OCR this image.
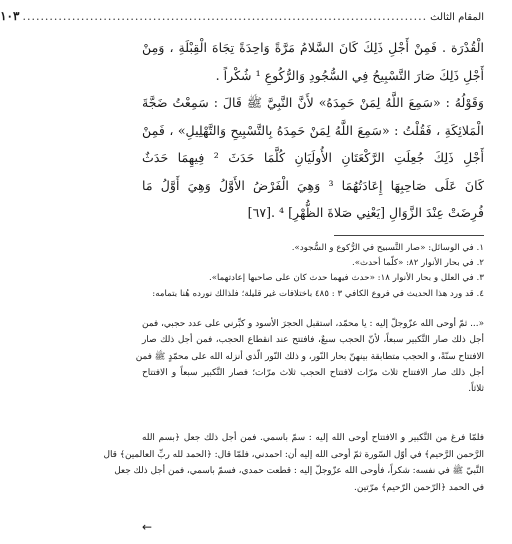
المقام الثالث
..........................................................................................
١٠٣

الْقُدْرَة . فَمِنْ أَجْلِ ذَلِكَ كَانَ السَّلامُ مَرَّةً وَاحِدَةً تِجَاهَ الْقِبْلَةِ ، وَمِنْ
أَجْلِ ذَلِكَ صَارَ التَّسْبِيحُ فِي السُّجُودِ وَالرُّكُوعِ ¹ شُكْراً .
وَقَوْلُهُ : «سَمِعَ اللَّهُ لِمَنْ حَمِدَهُ» لأَنَّ النَّبِيَّ ﷺ قَالَ : سَمِعْتُ ضَجَّةَ
الْمَلائِكَةِ ، فَقُلْتُ : «سَمِعَ اللَّهُ لِمَنْ حَمِدَهُ بِالتَّسْبِيحِ وَالتَّهْلِيلِ» ، فَمِنْ
أَجْلِ ذَلِكَ جُعِلَتِ الرَّكْعَتَانِ الأُولَيَانِ كُلَّمَا حَدَثَ ² فِيهِمَا حَدَثٌ
كَانَ عَلَى صَاحِبِهَا إِعَادَتُهُمَا ³ وَهِيَ الْفَرْضُ الأَوَّلُ وَهِيَ أَوَّلُ مَا
فُرِضَتْ عِنْدَ الزَّوَالِ [يَعْنِي صَلاةَ الظُّهْرِ] ⁴ .[٦٧]

١. في الوسائل: «صار التَّسبيح في الرُّكوع و السُّجود».
٢. في بحار الأنوار ٨٢: «كلّما أحدث».
٣. في العلل و بحار الأنوار ١٨: «حدث فيهما حدث كان على صاحبها إعادتهما».
٤. قد ورد هذا الحديث في فروع الكافي ٣ : ٤٨٥ باختلافات غير قليلة؛ فلذالك نورده هُنا بتمامه:
«... ثمّ أوحى الله عزّوجلّ إليه : يا محمّد، استقبل الحجرَ الأسود و كبِّرني على عدد حجبي، فمن
أجل ذلك صار التَّكبير سبعاً، لأنّ الحجب سبعٌ، فافتتح عند انقطاع الحجب، فمن أجل ذلك صار
الافتتاح سنّةً، و الحجب متطابقة بينهنّ بحار النّور، و ذلك النّور الّذي أنزله الله على محمّدٍ ﷺ فمن
أجل ذلك صار الافتتاح ثلاث مرّات لافتتاح الحجب ثلاث مرّات؛ فصار التَّكبير سبعاً و الافتتاح
ثلاثاً.
فلمّا فرغ من التَّكبير و الافتتاح أوحى الله إليه : سمّ باسمي. فمن أجل ذلك جعل ﴿بسم الله
الرَّحمن الرَّحيم﴾ في أوّل السّورة ثمّ أوحى الله إليه أن: احمدني، فلمّا قال: ﴿الحمد لله ربِّ العالمين﴾ قال
النَّبيّ ﷺ في نفسه: شكراً، فأوحى الله عزّوجلّ إليه : قطعت حمدي، فسمّ باسمي، فمن أجل ذلك جعل
في الحمد ﴿الرّحمن الرّحيم﴾ مرّتين.
←
